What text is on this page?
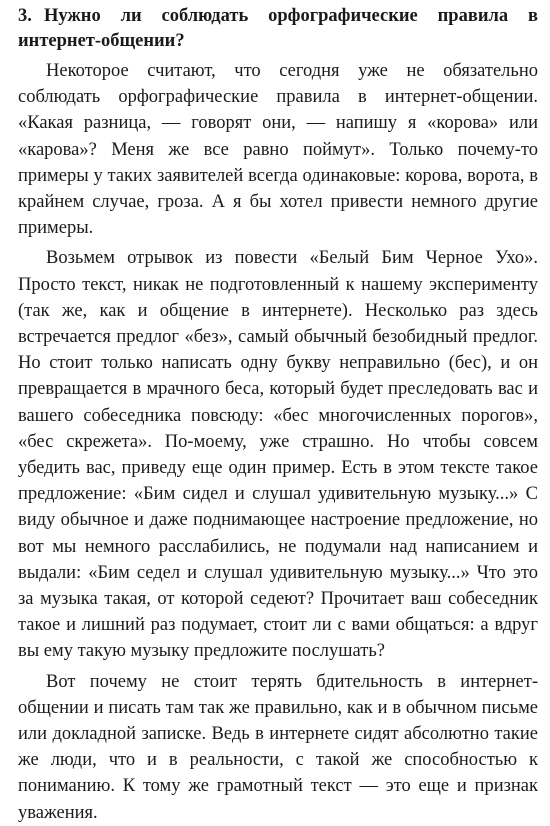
3. Нужно ли соблюдать орфографические правила в интернет-общении?

Некоторое считают, что сегодня уже не обязательно соблюдать орфографические правила в интернет-общении. «Какая разница, — говорят они, — напишу я «корова» или «карова»? Меня же все равно поймут». Только почему-то примеры у таких заявителей всегда одинаковые: корова, ворота, в крайнем случае, гроза. А я бы хотел привести немного другие примеры.

Возьмем отрывок из повести «Белый Бим Черное Ухо». Просто текст, никак не подготовленный к нашему эксперименту (так же, как и общение в интернете). Несколько раз здесь встречается предлог «без», самый обычный безобидный предлог. Но стоит только написать одну букву неправильно (бес), и он превращается в мрачного беса, который будет преследовать вас и вашего собеседника повсюду: «бес многочисленных порогов», «бес скрежета». По-моему, уже страшно. Но чтобы совсем убедить вас, приведу еще один пример. Есть в этом тексте такое предложение: «Бим сидел и слушал удивительную музыку...» С виду обычное и даже поднимающее настроение предложение, но вот мы немного расслабились, не подумали над написанием и выдали: «Бим седел и слушал удивительную музыку...» Что это за музыка такая, от которой седеют? Прочитает ваш собеседник такое и лишний раз подумает, стоит ли с вами общаться: а вдруг вы ему такую музыку предложите послушать?

Вот почему не стоит терять бдительность в интернет-общении и писать там так же правильно, как и в обычном письме или докладной записке. Ведь в интернете сидят абсолютно такие же люди, что и в реальности, с такой же способностью к пониманию. К тому же грамотный текст — это еще и признак уважения.
